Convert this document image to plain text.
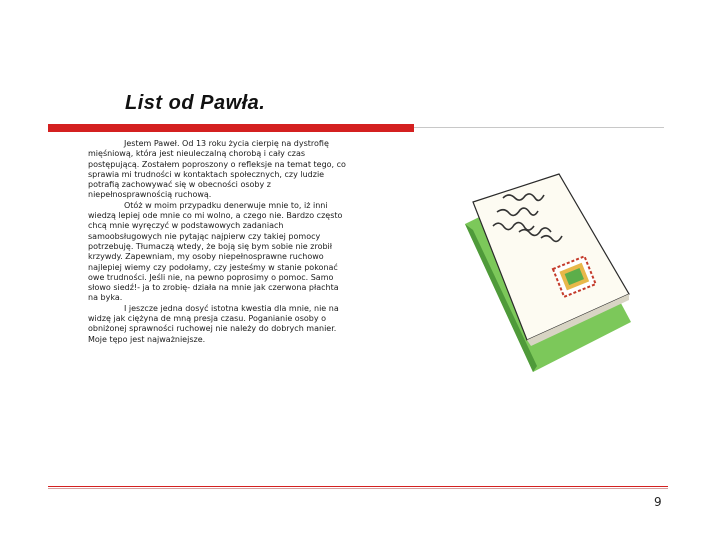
List od Pawła.

Jestem Paweł. Od 13 roku życia cierpię na dystrofię mięśniową, która jest nieuleczalną chorobą i cały czas postępującą. Zostałem poproszony o refleksje na temat tego, co sprawia mi trudności w kontaktach społecznych, czy ludzie potrafią zachowywać się w obecności osoby z niepełnosprawnością ruchową.

Otóż w moim przypadku denerwuje mnie to, iż inni wiedzą lepiej ode mnie co mi wolno, a czego nie. Bardzo często chcą mnie wyręczyć w podstawowych zadaniach samoobsługowych nie pytając najpierw czy takiej pomocy potrzebuję. Tłumaczą wtedy, że boją się bym sobie nie zrobił krzywdy. Zapewniam, my osoby niepełnosprawne ruchowo najlepiej wiemy czy podołamy, czy jesteśmy w stanie pokonać owe trudności. Jeśli nie, na pewno poprosimy o pomoc. Samo słowo siedź!- ja to zrobię- działa na mnie jak czerwona płachta na byka.

I jeszcze jedna dosyć istotna kwestia dla mnie, nie na widzę jak ciężyna de mną presja czasu. Poganianie osoby o obniżonej sprawności ruchowej nie należy do dobrych manier. Moje tępo jest najważniejsze.

9
